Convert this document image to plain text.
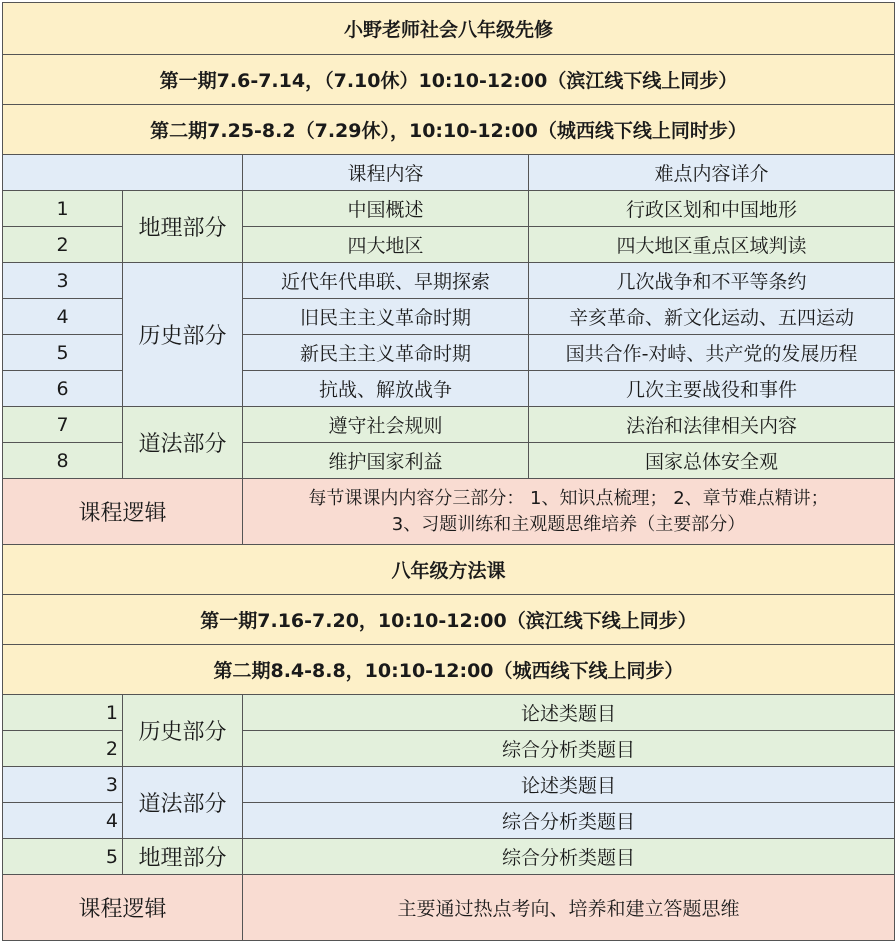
小野老师社会八年级先修			
第一期7.6-7.14，（7.10休）10:10-12:00（滨江线下线上同步）			
第二期7.25-8.2（7.29休），10:10-12:00（城西线下线上同时步）			
		课程内容	难点内容详介
1	地理部分	中国概述	行政区划和中国地形
2		四大地区	四大地区重点区域判读
3	历史部分	近代年代串联、早期探索	几次战争和不平等条约
4		旧民主主义革命时期	辛亥革命、新文化运动、五四运动
5		新民主主义革命时期	国共合作-对峙、共产党的发展历程
6		抗战、解放战争	几次主要战役和事件
7	道法部分	遵守社会规则	法治和法律相关内容
8		维护国家利益	国家总体安全观
课程逻辑		每节课课内内容分三部分： 1、知识点梳理； 2、章节难点精讲；
3、习题训练和主观题思维培养（主要部分）	
八年级方法课		
第一期7.16-7.20，10:10-12:00（滨江线下线上同步）		
第二期8.4-8.8，10:10-12:00（城西线下线上同步）		
1	历史部分	论述类题目
2		综合分析类题目
3	道法部分	论述类题目
4		综合分析类题目
5	地理部分	综合分析类题目
课程逻辑		主要通过热点考向、培养和建立答题思维
